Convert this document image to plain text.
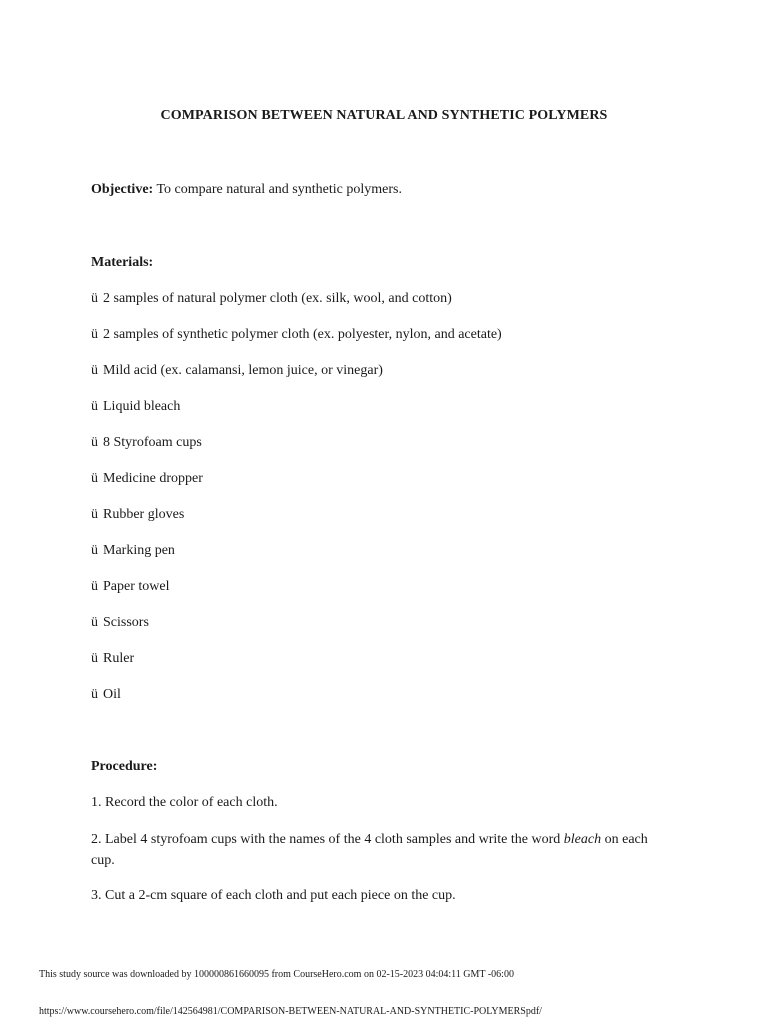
COMPARISON BETWEEN NATURAL AND SYNTHETIC POLYMERS
Objective: To compare natural and synthetic polymers.
Materials:
ü 2 samples of natural polymer cloth (ex. silk, wool, and cotton)
ü 2 samples of synthetic polymer cloth (ex. polyester, nylon, and acetate)
ü Mild acid (ex. calamansi, lemon juice, or vinegar)
ü Liquid bleach
ü 8 Styrofoam cups
ü Medicine dropper
ü Rubber gloves
ü Marking pen
ü Paper towel
ü Scissors
ü Ruler
ü Oil
Procedure:
1. Record the color of each cloth.
2. Label 4 styrofoam cups with the names of the 4 cloth samples and write the word bleach on each cup.
3. Cut a 2-cm square of each cloth and put each piece on the cup.
This study source was downloaded by 100000861660095 from CourseHero.com on 02-15-2023 04:04:11 GMT -06:00
https://www.coursehero.com/file/142564981/COMPARISON-BETWEEN-NATURAL-AND-SYNTHETIC-POLYMERSpdf/
